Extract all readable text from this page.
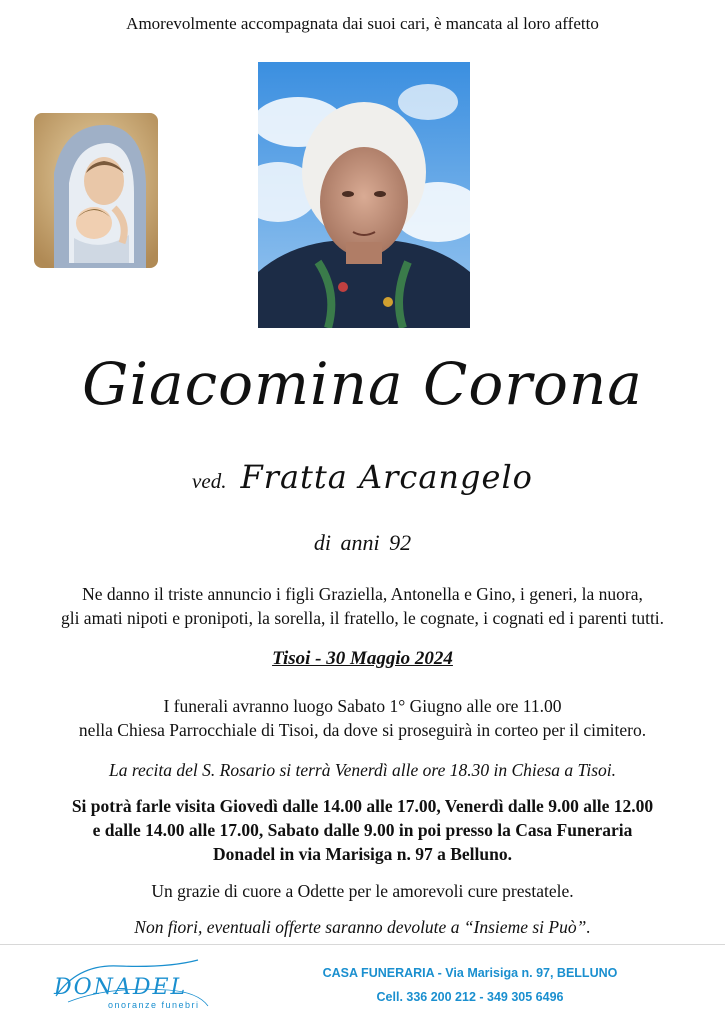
Amorevolmente accompagnata dai suoi cari, è mancata al loro affetto
Giacomina Corona
ved. Fratta Arcangelo
di anni 92
Ne danno il triste annuncio i figli Graziella, Antonella e Gino, i generi, la nuora,
gli amati nipoti e pronipoti, la sorella, il fratello, le cognate, i cognati ed i parenti tutti.
Tisoi - 30 Maggio 2024
I funerali avranno luogo Sabato 1° Giugno alle ore 11.00
nella Chiesa Parrocchiale di Tisoi, da dove si proseguirà in corteo per il cimitero.
La recita del S. Rosario si terrà Venerdì alle ore 18.30 in Chiesa a Tisoi.
Si potrà farle visita Giovedì dalle 14.00 alle 17.00, Venerdì dalle 9.00 alle 12.00
e dalle 14.00 alle 17.00, Sabato dalle 9.00 in poi presso la Casa Funeraria
Donadel in via Marisiga n. 97 a Belluno.
Un grazie di cuore a Odette per le amorevoli cure prestatele.
Non fiori, eventuali offerte saranno devolute a “Insieme si Può”.
DONADEL
onoranze funebri
CASA FUNERARIA - Via Marisiga n. 97, BELLUNO
Cell. 336 200 212 - 349 305 6496
